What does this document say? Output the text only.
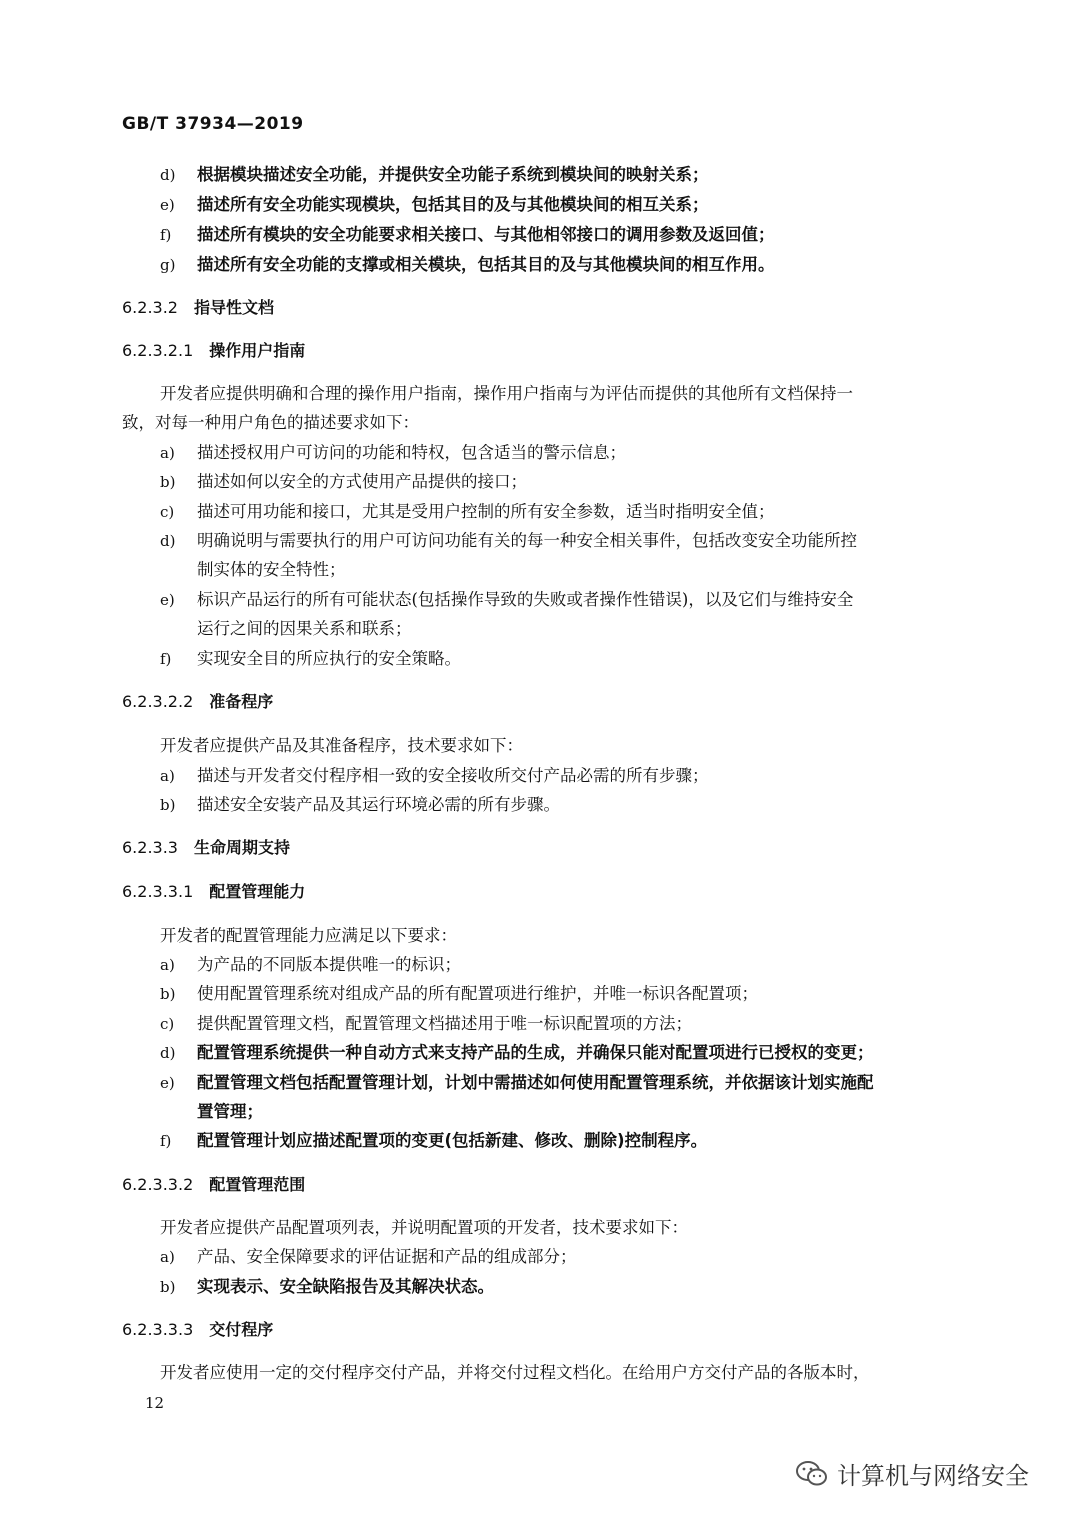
GB/T 37934—2019
d) 根据模块描述安全功能，并提供安全功能子系统到模块间的映射关系；
e) 描述所有安全功能实现模块，包括其目的及与其他模块间的相互关系；
f) 描述所有模块的安全功能要求相关接口、与其他相邻接口的调用参数及返回值；
g) 描述所有安全功能的支撑或相关模块，包括其目的及与其他模块间的相互作用。
6.2.3.2 指导性文档
6.2.3.2.1 操作用户指南
开发者应提供明确和合理的操作用户指南，操作用户指南与为评估而提供的其他所有文档保持一
致，对每一种用户角色的描述要求如下：
a) 描述授权用户可访问的功能和特权，包含适当的警示信息；
b) 描述如何以安全的方式使用产品提供的接口；
c) 描述可用功能和接口，尤其是受用户控制的所有安全参数，适当时指明安全值；
d) 明确说明与需要执行的用户可访问功能有关的每一种安全相关事件，包括改变安全功能所控
制实体的安全特性；
e) 标识产品运行的所有可能状态(包括操作导致的失败或者操作性错误)，以及它们与维持安全
运行之间的因果关系和联系；
f) 实现安全目的所应执行的安全策略。
6.2.3.2.2 准备程序
开发者应提供产品及其准备程序，技术要求如下：
a) 描述与开发者交付程序相一致的安全接收所交付产品必需的所有步骤；
b) 描述安全安装产品及其运行环境必需的所有步骤。
6.2.3.3 生命周期支持
6.2.3.3.1 配置管理能力
开发者的配置管理能力应满足以下要求：
a) 为产品的不同版本提供唯一的标识；
b) 使用配置管理系统对组成产品的所有配置项进行维护，并唯一标识各配置项；
c) 提供配置管理文档，配置管理文档描述用于唯一标识配置项的方法；
d) 配置管理系统提供一种自动方式来支持产品的生成，并确保只能对配置项进行已授权的变更；
e) 配置管理文档包括配置管理计划，计划中需描述如何使用配置管理系统，并依据该计划实施配
置管理；
f) 配置管理计划应描述配置项的变更(包括新建、修改、删除)控制程序。
6.2.3.3.2 配置管理范围
开发者应提供产品配置项列表，并说明配置项的开发者，技术要求如下：
a) 产品、安全保障要求的评估证据和产品的组成部分；
b) 实现表示、安全缺陷报告及其解决状态。
6.2.3.3.3 交付程序
开发者应使用一定的交付程序交付产品，并将交付过程文档化。在给用户方交付产品的各版本时，
12
计算机与网络安全
